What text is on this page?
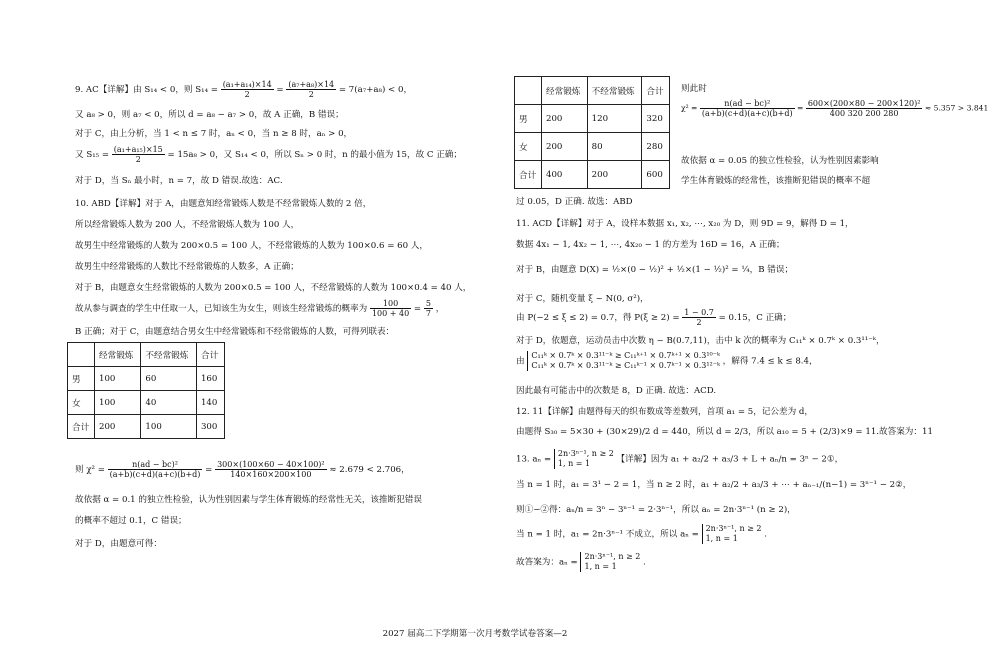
9. AC【详解】由 S₁₄ < 0，则 $S_{14} = \frac{\text{(a₁+a₁₄)×14}}{2} = \frac{\text{(a₇+a₈)×14}}{2} = 7(a_7+a_8) < 0$，
又 a₈ > 0，则 a₇ < 0，所以 d = a₈ − a₇ > 0，故 A 正确，B 错误；
对于 C，由上分析，当 1 < n ≤ 7 时，aₙ < 0，当 n ≥ 8 时，aₙ > 0，
又 $S_{15} = \frac{\text{(a₁+a₁₅)×15}}{2} = 15a_8 > 0$，又 S₁₄ < 0，所以 Sₙ > 0 时，n 的最小值为 15，故 C 正确；
对于 D，当 Sₙ 最小时，n = 7，故 D 错误.故选：AC.
10. ABD【详解】对于 A，由题意知经常锻炼人数是不经常锻炼人数的 2 倍，
所以经常锻炼人数为 200 人，不经常锻炼人数为 100 人，
故男生中经常锻炼的人数为 200×0.5 = 100 人，不经常锻炼的人数为 100×0.6 = 60 人，
故男生中经常锻炼的人数比不经常锻炼的人数多，A 正确；
对于 B，由题意女生经常锻炼的人数为 200×0.5 = 100 人，不经常锻炼的人数为 100×0.4 = 40 人，
故从参与调查的学生中任取一人，已知该生为女生，则该生经常锻炼的概率为 $\frac{100}{100 + 40} = \frac{5}{7}$ ，
B 正确；对于 C，由题意结合男女生中经常锻炼和不经常锻炼的人数，可得列联表：
	经常锻炼	不经常锻炼	合计
男	100	60	160
女	100	40	140
合计	200	100	300
则 $\chi^2 = \frac{\text{n(ad − bc)²}}{(a+b)(c+d)(a+c)(b+d)} = \frac{\text{300×(100×60 − 40×100)²}}{140\times 160\times 200\times 100} \approx 2.679 < 2.706$，
故依据 α = 0.1 的独立性检验，认为性别因素与学生体育锻炼的经常性无关，该推断犯错误
的概率不超过 0.1，C 错误；
对于 D，由题意可得：
	经常锻炼	不经常锻炼	合计
男	200	120	320
女	200	80	280
合计	400	200	600
则此时
$\chi^2 = \frac{\text{n(ad − bc)²}}{(a+b)(c+d)(a+c)(b+d)} = \frac{\text{600×(200×80 − 200×120)²}}{400 320 200 280} \approx 5.357 > 3.841$
故依据 α = 0.05 的独立性检验，认为性别因素影响
学生体育锻炼的经常性，该推断犯错误的概率不超
过 0.05，D 正确. 故选：ABD
11. ACD【详解】对于 A，设样本数据 x₁, x₂, ⋯, x₂₀ 为 D，则 9D = 9，解得 D = 1，
数据 4x₁ − 1, 4x₂ − 1, ⋯, 4x₂₀ − 1 的方差为 16D = 16，A 正确；
对于 B，由题意 D(X) = ½×(0 − ½)² + ½×(1 − ½)² = ¼，B 错误；
对于 C，随机变量 ξ ~ N(0, σ²)，
由 P(−2 ≤ ξ ≤ 2) = 0.7，得 $P(\xi \ge 2) = \frac{1 - 0.7}{2} = 0.15$，C 正确；
对于 D，依题意，运动员击中次数 η ~ B(0.7,11)，击中 k 次的概率为 C₁₁ᵏ × 0.7ᵏ × 0.3¹¹⁻ᵏ，
由
C₁₁ᵏ × 0.7ᵏ × 0.3¹¹⁻ᵏ ≥ C₁₁ᵏ⁺¹ × 0.7ᵏ⁺¹ × 0.3¹⁰⁻ᵏ
C₁₁ᵏ × 0.7ᵏ × 0.3¹¹⁻ᵏ ≥ C₁₁ᵏ⁻¹ × 0.7ᵏ⁻¹ × 0.3¹²⁻ᵏ ，解得 7.4 ≤ k ≤ 8.4，
因此最有可能击中的次数是 8，D 正确. 故选：ACD.
12. 11【详解】由题得每天的织布数成等差数列，首项 a₁ = 5，记公差为 d，
由题得 S₃₀ = 5×30 + (30×29)/2 d = 440，所以 d = 2/3，所以 a₁₀ = 5 + (2/3)×9 = 11.故答案为：11
13. aₙ =
2n·3ⁿ⁻¹, n ≥ 2
1, n = 1	【详解】因为 a₁ + a₂/2 + a₃/3 + L + aₙ/n = 3ⁿ − 2①，
当 n = 1 时，a₁ = 3¹ − 2 = 1，当 n ≥ 2 时，a₁ + a₂/2 + a₃/3 + ⋯ + aₙ₋₁/(n−1) = 3ⁿ⁻¹ − 2②，
则①−②得：aₙ/n = 3ⁿ − 3ⁿ⁻¹ = 2·3ⁿ⁻¹，所以 aₙ = 2n·3ⁿ⁻¹ (n ≥ 2)，
当 n = 1 时，a₁ = 2n·3ⁿ⁻¹ 不成立，所以 aₙ =
2n·3ⁿ⁻¹, n ≥ 2
1, n = 1	.
故答案为：aₙ =
2n·3ⁿ⁻¹, n ≥ 2
1, n = 1	.
2027 届高二下学期第一次月考数学试卷答案—2
